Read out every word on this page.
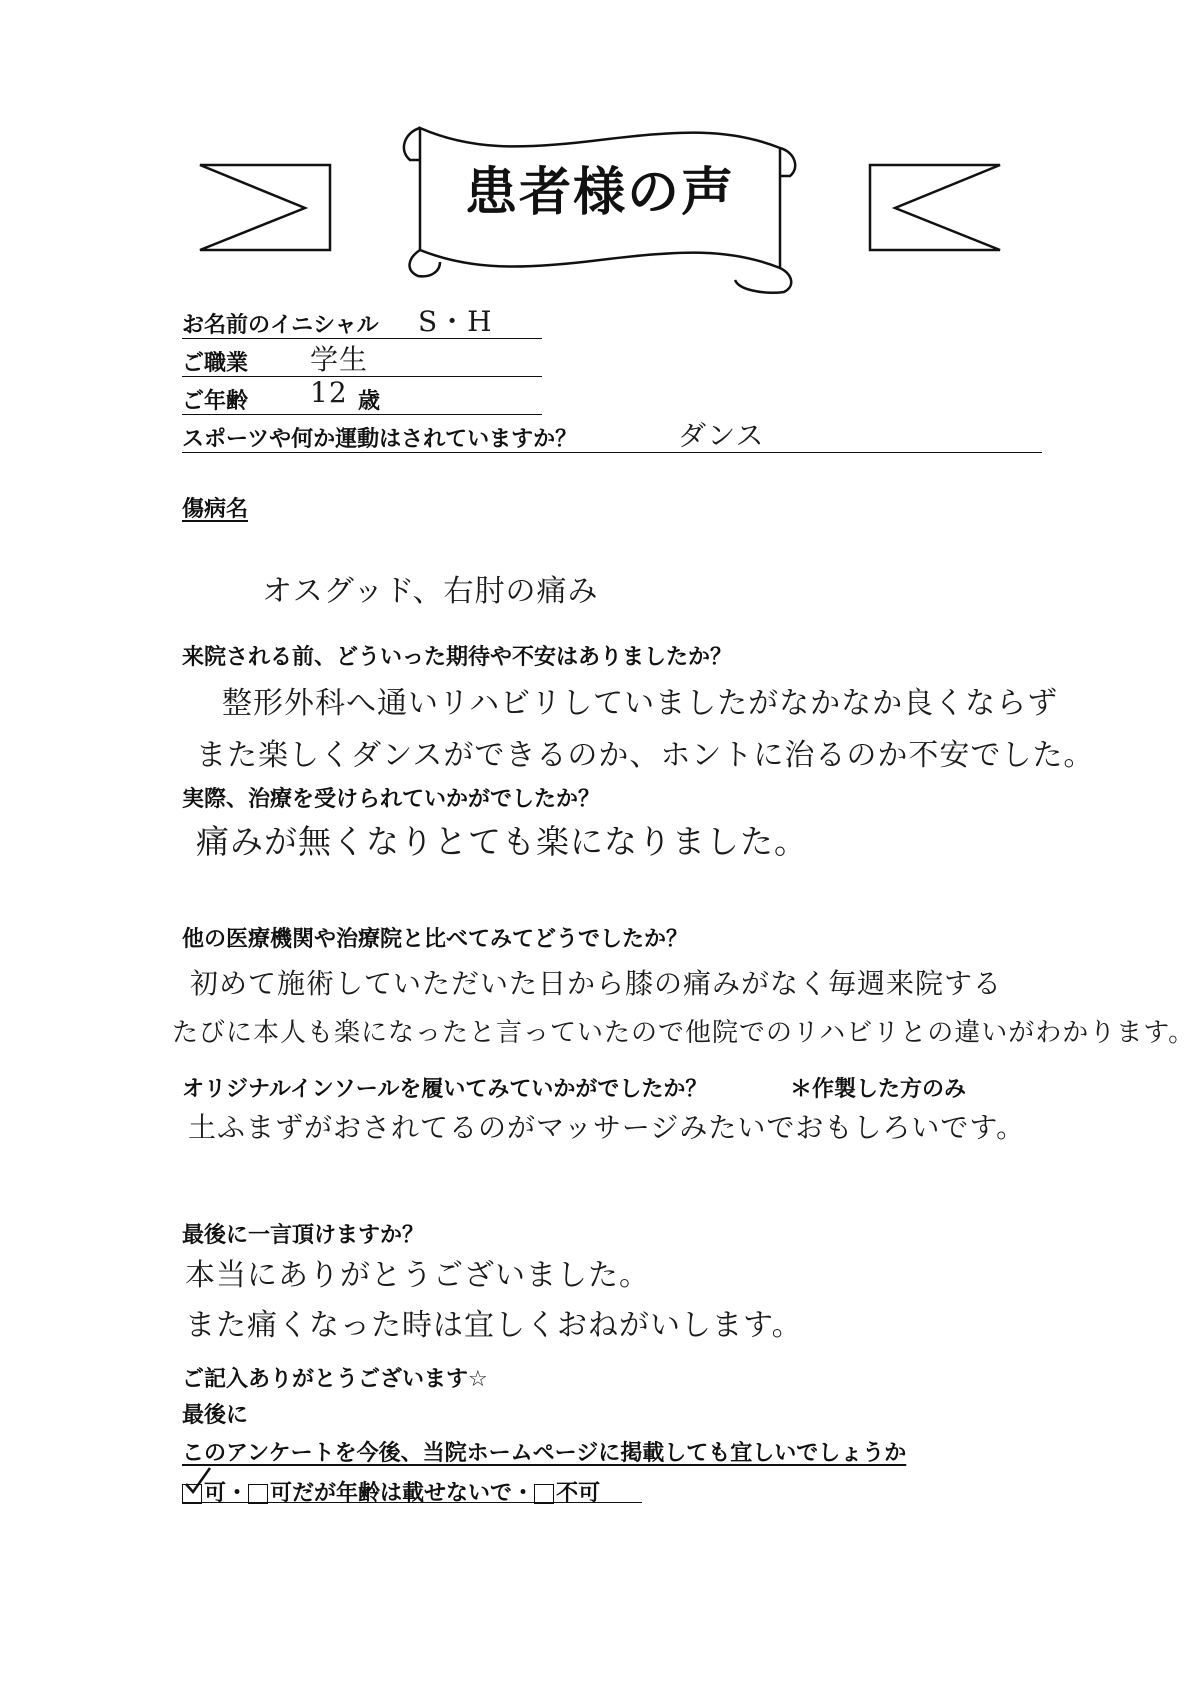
患者様の声
お名前のイニシャル S・H
ご職業 学生
ご年齢 12 歳
スポーツや何か運動はされていますか？	ダンス
傷病名
オスグッド、右肘の痛み
来院される前、どういった期待や不安はありましたか？
整形外科へ通いリハビリしていましたがなかなか良くならず
また楽しくダンスができるのか、ホントに治るのか不安でした。
実際、治療を受けられていかがでしたか？
痛みが無くなりとても楽になりました。
他の医療機関や治療院と比べてみてどうでしたか？
初めて施術していただいた日から膝の痛みがなく毎週来院する
たびに本人も楽になったと言っていたので他院でのリハビリとの違いがわかります。
オリジナルインソールを履いてみていかがでしたか？	＊作製した方のみ
土ふまずがおされてるのがマッサージみたいでおもしろいです。
最後に一言頂けますか？
本当にありがとうございました。
また痛くなった時は宜しくおねがいします。
ご記入ありがとうございます☆
最後に
このアンケートを今後、当院ホームページに掲載しても宜しいでしょうか
可 ・ 可だが年齢は載せないで ・ 不可
